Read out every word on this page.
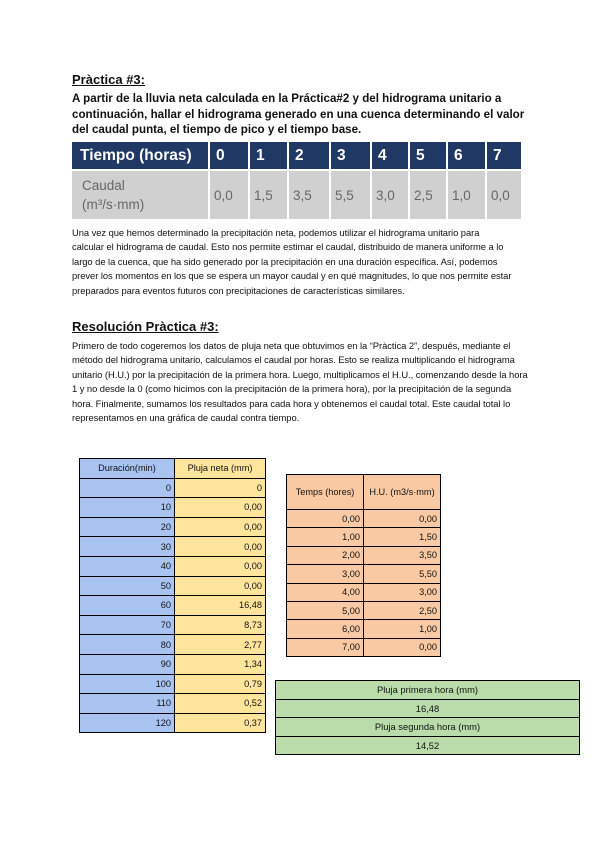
Pràctica #3:
A partir de la lluvia neta calculada en la Práctica#2 y del hidrograma unitario a continuación, hallar el hidrograma generado en una cuenca determinando el valor del caudal punta, el tiempo de pico y el tiempo base.
Tiempo (horas)	0	1	2	3	4	5	6	7

Caudal
(m³/s·mm)	0,0	1,5	3,5	5,5	3,0	2,5	1,0	0,0
Una vez que hemos determinado la precipitación neta, podemos utilizar el hidrograma unitario para calcular el hidrograma de caudal. Esto nos permite estimar el caudal, distribuido de manera uniforme a lo largo de la cuenca, que ha sido generado por la precipitación en una duración específica. Así, podemos prever los momentos en los que se espera un mayor caudal y en qué magnitudes, lo que nos permite estar preparados para eventos futuros con precipitaciones de características similares.
Resolución Pràctica #3:
Primero de todo cogeremos los datos de pluja neta que obtuvimos en la “Pràctica 2”, después, mediante el método del hidrograma unitario, calculamos el caudal por horas. Esto se realiza multiplicando el hidrograma unitario (H.U.) por la precipitación de la primera hora. Luego, multiplicamos el H.U., comenzando desde la hora 1 y no desde la 0 (como hicimos con la precipitación de la primera hora), por la precipitación de la segunda hora. Finalmente, sumamos los resultados para cada hora y obtenemos el caudal total. Este caudal total lo representamos en una gráfica de caudal contra tiempo.
Duración(min)	Pluja neta (mm)
0	0
10	0,00
20	0,00
30	0,00
40	0,00
50	0,00
60	16,48
70	8,73
80	2,77
90	1,34
100	0,79
110	0,52
120	0,37
Temps (hores)	H.U. (m3/s·mm)
0,00	0,00
1,00	1,50
2,00	3,50
3,00	5,50
4,00	3,00
5,00	2,50
6,00	1,00
7,00	0,00
Pluja primera hora (mm)
16,48
Pluja segunda hora (mm)
14,52
